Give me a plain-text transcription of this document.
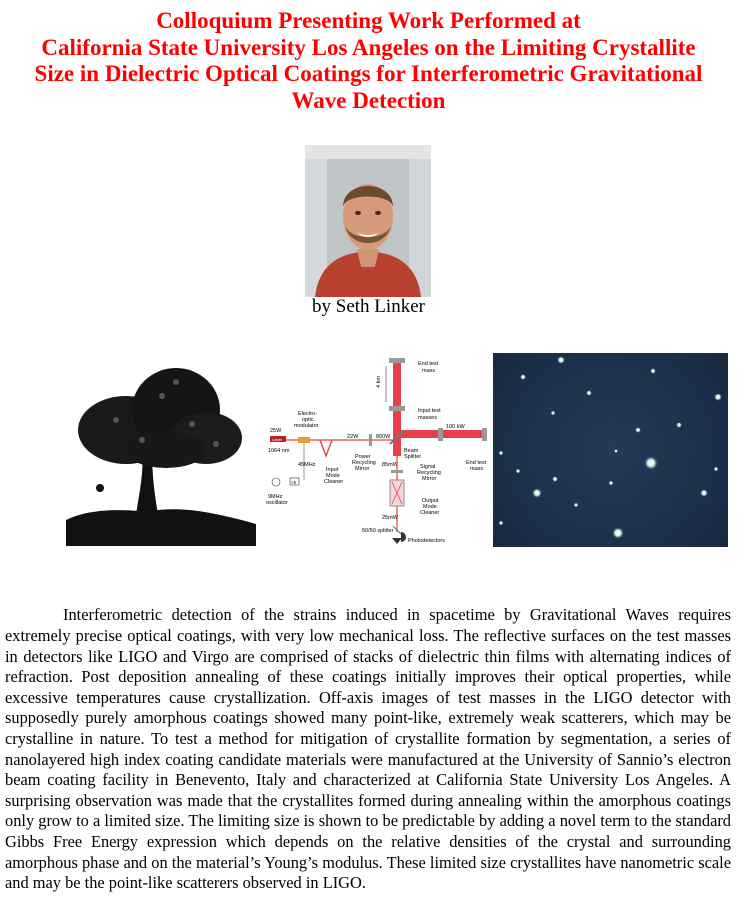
Colloquium Presenting Work Performed at
California State University Los Angeles on the Limiting Crystallite
Size in Dielectric Optical Coatings for Interferometric Gravitational
Wave Detection
by Seth Linker
End test
mass
4 km
Input test
masses
100 kW
End test
mass
Laser
25W
1064 nm
Electro-
optic
modulator
Input
Mode
Cleaner
22W	800W
Power
Recycling
Mirror
Beam
Splitter
85mW	Signal
Recycling
Mirror
45MHz
×5
9MHz
oscillator	Output
Mode
Cleaner
25mW
50/50 splitter
Photodetectors

Interferometric detection of the strains induced in spacetime by Gravitational Waves requires extremely precise optical coatings, with very low mechanical loss. The reflective surfaces on the test masses in detectors like LIGO and Virgo are comprised of stacks of dielectric thin films with alternating indices of refraction. Post deposition annealing of these coatings initially improves their optical properties, while excessive temperatures cause crystallization. Off-axis images of test masses in the LIGO detector with supposedly purely amorphous coatings showed many point-like, extremely weak scatterers, which may be crystalline in nature. To test a method for mitigation of crystallite formation by segmentation, a series of nanolayered high index coating candidate materials were manufactured at the University of Sannio’s electron beam coating facility in Benevento, Italy and characterized at California State University Los Angeles. A surprising observation was made that the crystallites formed during annealing within the amorphous coatings only grow to a limited size. The limiting size is shown to be predictable by adding a novel term to the standard Gibbs Free Energy expression which depends on the relative densities of the crystal and surrounding amorphous phase and on the material’s Young’s modulus. These limited size crystallites have nanometric scale and may be the point-like scatterers observed in LIGO.
